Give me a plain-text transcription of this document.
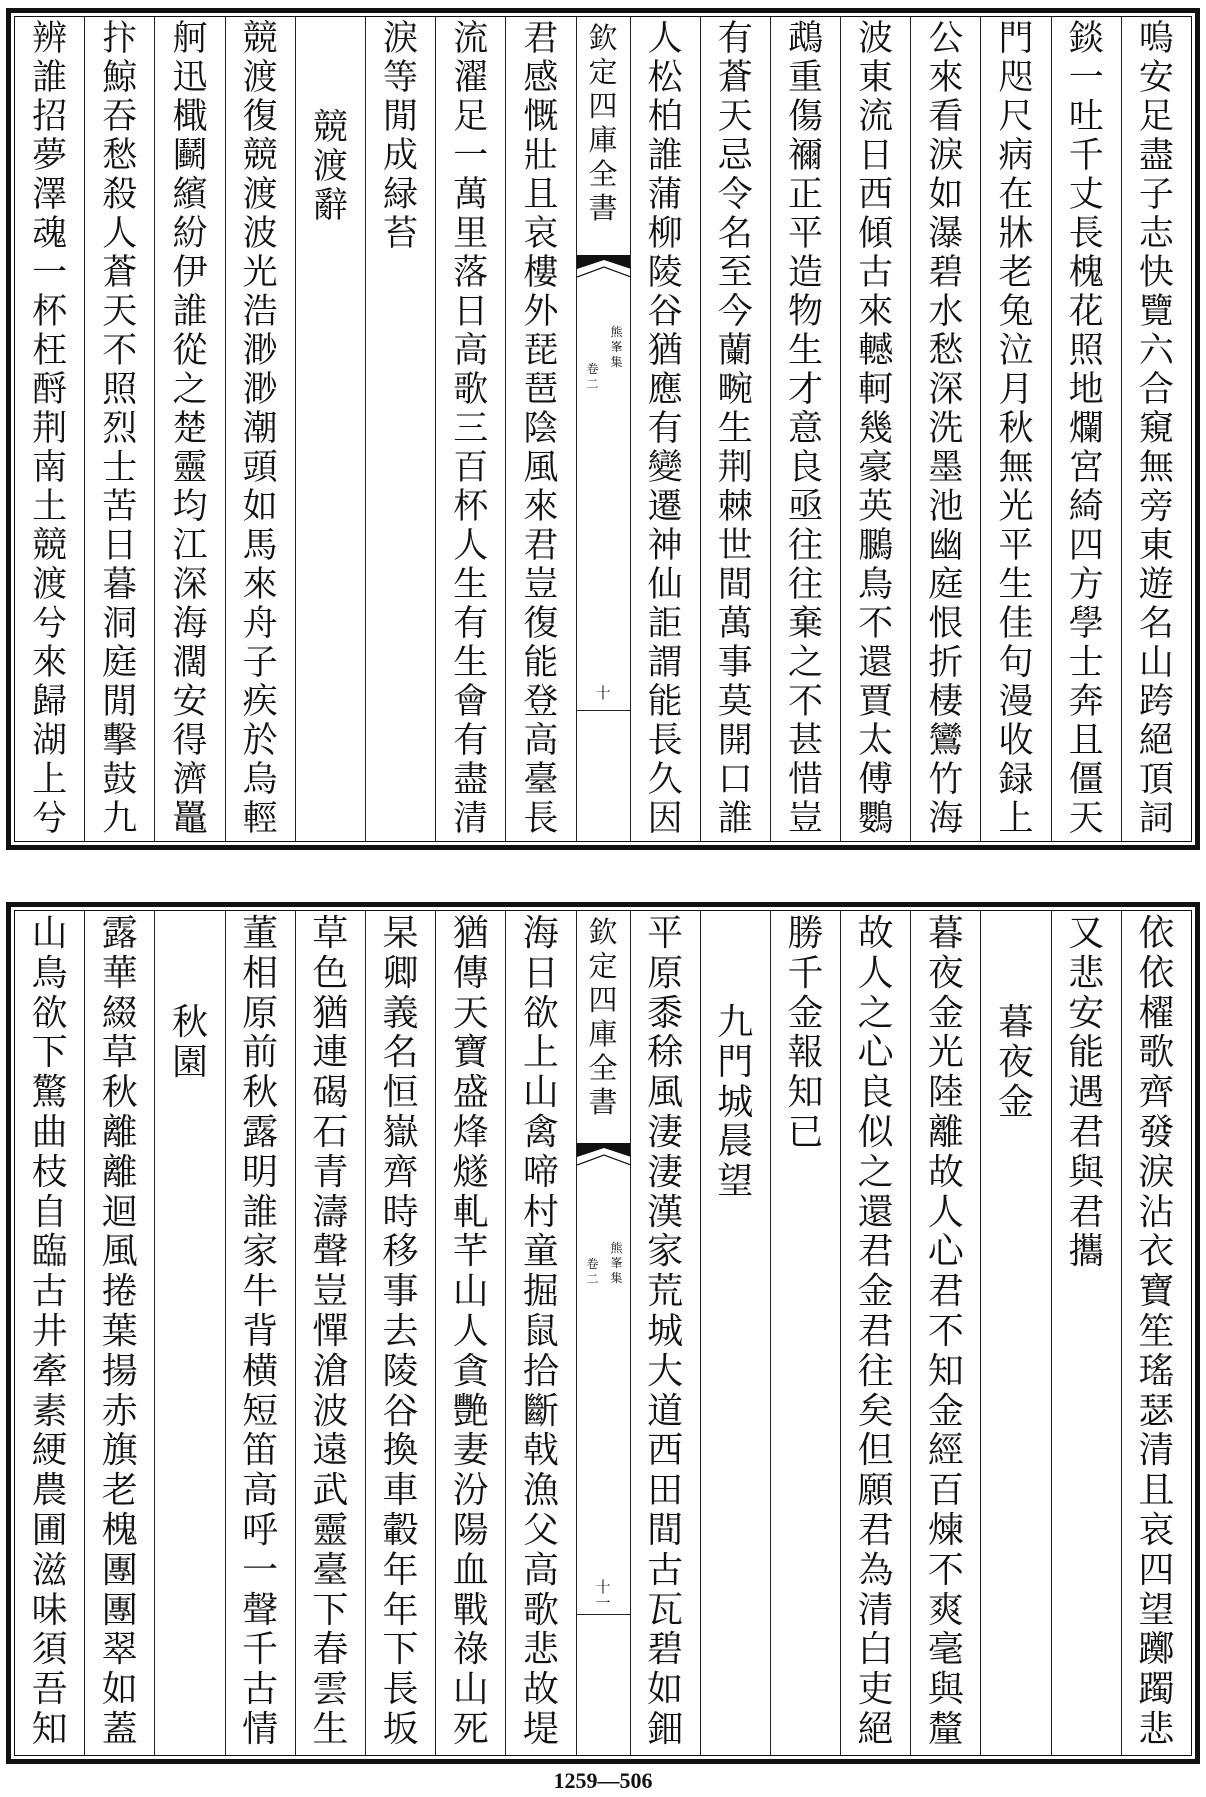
嗚
安
足
盡
子
志
快
覽
六
合
窺
無
旁
東
遊
名
山
跨
絕
頂
詞
錟
一
吐
千
丈
長
槐
花
照
地
爛
宮
綺
四
方
學
士
奔
且
僵
天
門
咫
尺
病
在
牀
老
兔
泣
月
秋
無
光
平
生
佳
句
漫
收
録
上
公
來
看
淚
如
瀑
碧
水
愁
深
洗
墨
池
幽
庭
恨
折
棲
鸞
竹
海
波
東
流
日
西
傾
古
來
轗
軻
幾
豪
英
鵩
鳥
不
還
賈
太
傅
鸚
鵡
重
傷
禰
正
平
造
物
生
才
意
良
亟
往
往
棄
之
不
甚
惜
豈
有
蒼
天
忌
令
名
至
今
蘭
畹
生
荆
棘
世
間
萬
事
莫
開
口
誰
人
松
柏
誰
蒲
柳
陵
谷
猶
應
有
變
遷
神
仙
詎
謂
能
長
久
因
欽
定
四
庫
全
書
熊
峯
集
卷
二
十
君
感
慨
壯
且
哀
樓
外
琵
琶
陰
風
來
君
豈
復
能
登
高
臺
長
流
濯
足
一
萬
里
落
日
高
歌
三
百
杯
人
生
有
生
會
有
盡
清
淚
等
閒
成
緑
苔
競
渡
辭
競
渡
復
競
渡
波
光
浩
渺
渺
潮
頭
如
馬
來
舟
子
疾
於
烏
輕
舸
迅
檝
鬬
繽
紛
伊
誰
從
之
楚
靈
均
江
深
海
濶
安
得
濟
鼉
抃
鯨
吞
愁
殺
人
蒼
天
不
照
烈
士
苦
日
暮
洞
庭
閒
擊
鼓
九
辨
誰
招
夢
澤
魂
一
杯
枉
酹
荆
南
土
競
渡
兮
來
歸
湖
上
兮
依
依
櫂
歌
齊
發
淚
沾
衣
寶
笙
瑤
瑟
清
且
哀
四
望
躑
躅
悲
又
悲
安
能
遇
君
與
君
攜
暮
夜
金
暮
夜
金
光
陸
離
故
人
心
君
不
知
金
經
百
煉
不
爽
毫
與
釐
故
人
之
心
良
似
之
還
君
金
君
往
矣
但
願
君
為
清
白
吏
絕
勝
千
金
報
知
已
九
門
城
晨
望
平
原
黍
稌
風
淒
淒
漢
家
荒
城
大
道
西
田
間
古
瓦
碧
如
鈿
欽
定
四
庫
全
書
熊
峯
集
卷
二
十
一
海
日
欲
上
山
禽
啼
村
童
掘
鼠
拾
斷
戟
漁
父
高
歌
悲
故
堤
猶
傳
天
寶
盛
烽
燧
軋
芊
山
人
貪
艷
妻
汾
陽
血
戰
祿
山
死
杲
卿
義
名
恒
嶽
齊
時
移
事
去
陵
谷
換
車
轂
年
年
下
長
坂
草
色
猶
連
碣
石
青
濤
聲
豈
憚
滄
波
遠
武
靈
臺
下
春
雲
生
董
相
原
前
秋
露
明
誰
家
牛
背
横
短
笛
高
呼
一
聲
千
古
情
秋
園
露
華
綴
草
秋
離
離
迴
風
捲
葉
揚
赤
旗
老
槐
團
團
翠
如
蓋
山
鳥
欲
下
驚
曲
枝
自
臨
古
井
牽
素
綆
農
圃
滋
味
須
吾
知
1259—506
